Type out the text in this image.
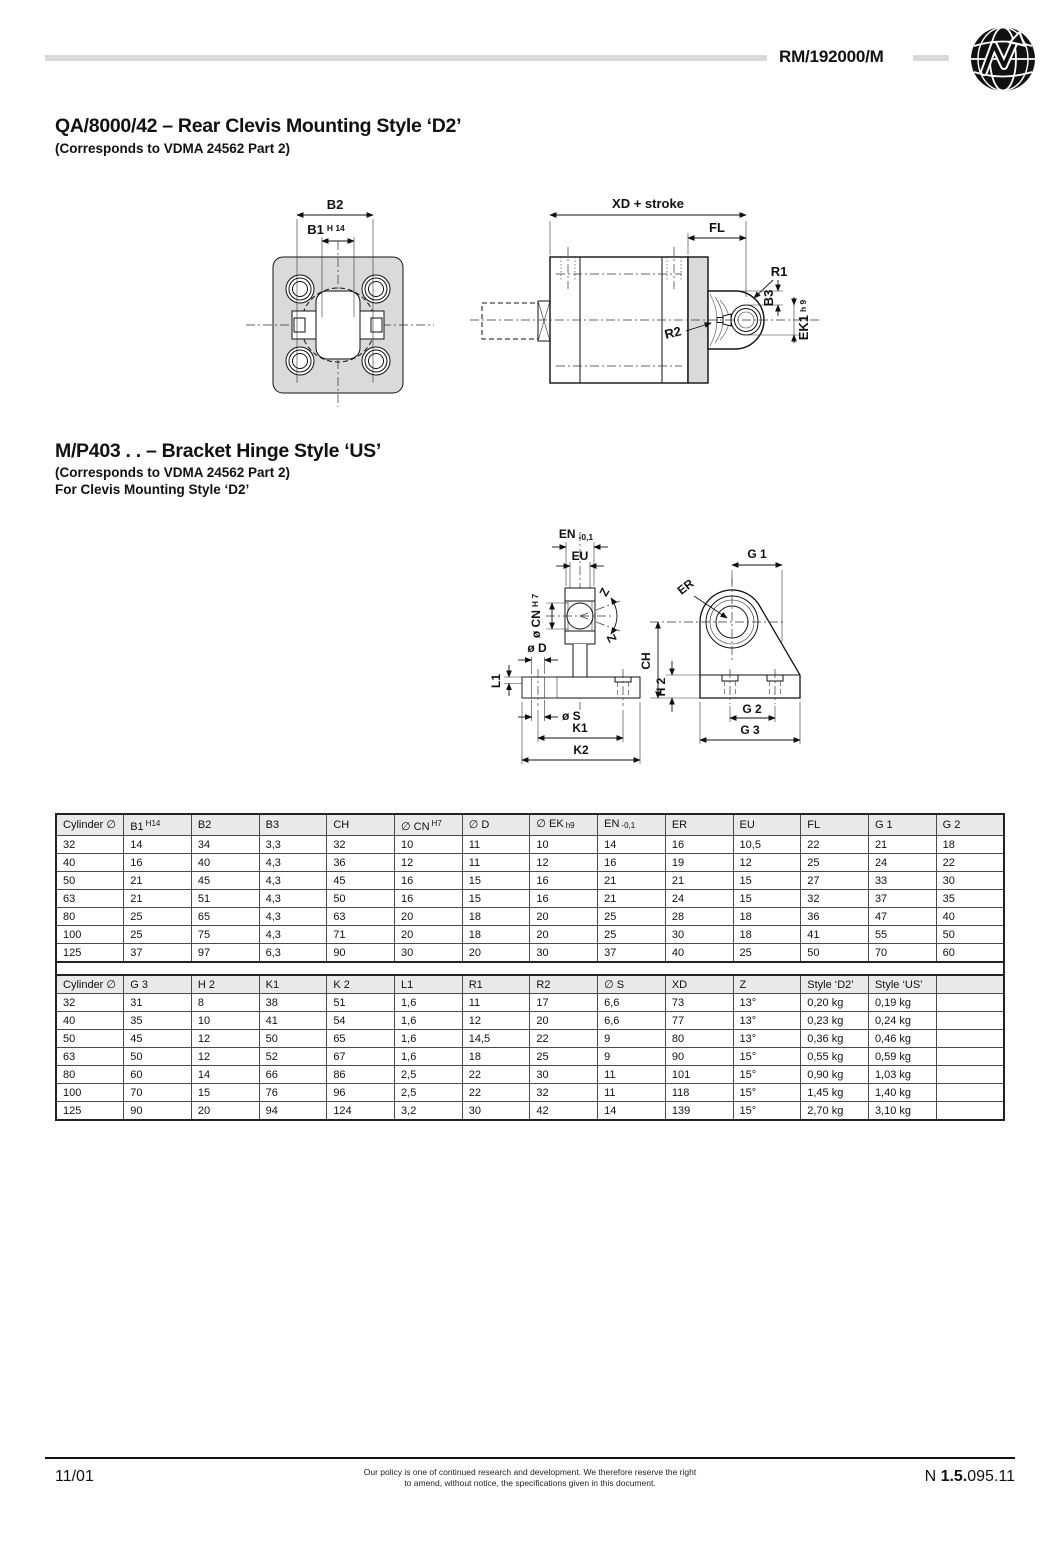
RM/192000/M
QA/8000/42 – Rear Clevis Mounting Style ‘D2’
(Corresponds to VDMA 24562 Part 2)
B2
B1 $^{H 14}$
XD + stroke
FL
R1
R2
B3
EK1h 9
M/P403 . . – Bracket Hinge Style ‘US’
(Corresponds to VDMA 24562 Part 2)
For Clevis Mounting Style ‘D2’
EN -0,1
EU
ø CNH 7
Z
Z
ø D
L1
ø S
K1
K2
G 1
ER
CH
H 2
G 2
G 3
Cylinder ∅	B1 $^{H14}$	B2	B3	CH	∅ CN $^{H7}$	∅ D	∅ EK h9	EN -0,1	ER	EU	FL	G 1	G 2
32	14	34	3,3	32	10	11	10	14	16	10,5	22	21	18
40	16	40	4,3	36	12	11	12	16	19	12	25	24	22
50	21	45	4,3	45	16	15	16	21	21	15	27	33	30
63	21	51	4,3	50	16	15	16	21	24	15	32	37	35
80	25	65	4,3	63	20	18	20	25	28	18	36	47	40
100	25	75	4,3	71	20	18	20	25	30	18	41	55	50
125	37	97	6,3	90	30	20	30	37	40	25	50	70	60
Cylinder ∅	G 3	H 2	K1	K 2	L1	R1	R2	∅ S	XD	Z	Style ‘D2’	Style ‘US’	
32	31	8	38	51	1,6	11	17	6,6	73	13°	0,20 kg	0,19 kg	
40	35	10	41	54	1,6	12	20	6,6	77	13°	0,23 kg	0,24 kg	
50	45	12	50	65	1,6	14,5	22	9	80	13°	0,36 kg	0,46 kg	
63	50	12	52	67	1,6	18	25	9	90	15°	0,55 kg	0,59 kg	
80	60	14	66	86	2,5	22	30	11	101	15°	0,90 kg	1,03 kg	
100	70	15	76	96	2,5	22	32	11	118	15°	1,45 kg	1,40 kg	
125	90	20	94	124	3,2	30	42	14	139	15°	2,70 kg	3,10 kg	
11/01	Our policy is one of continued research and development. We therefore reserve the right
to amend, without notice, the specifications given in this document.	N 1.5.095.11
